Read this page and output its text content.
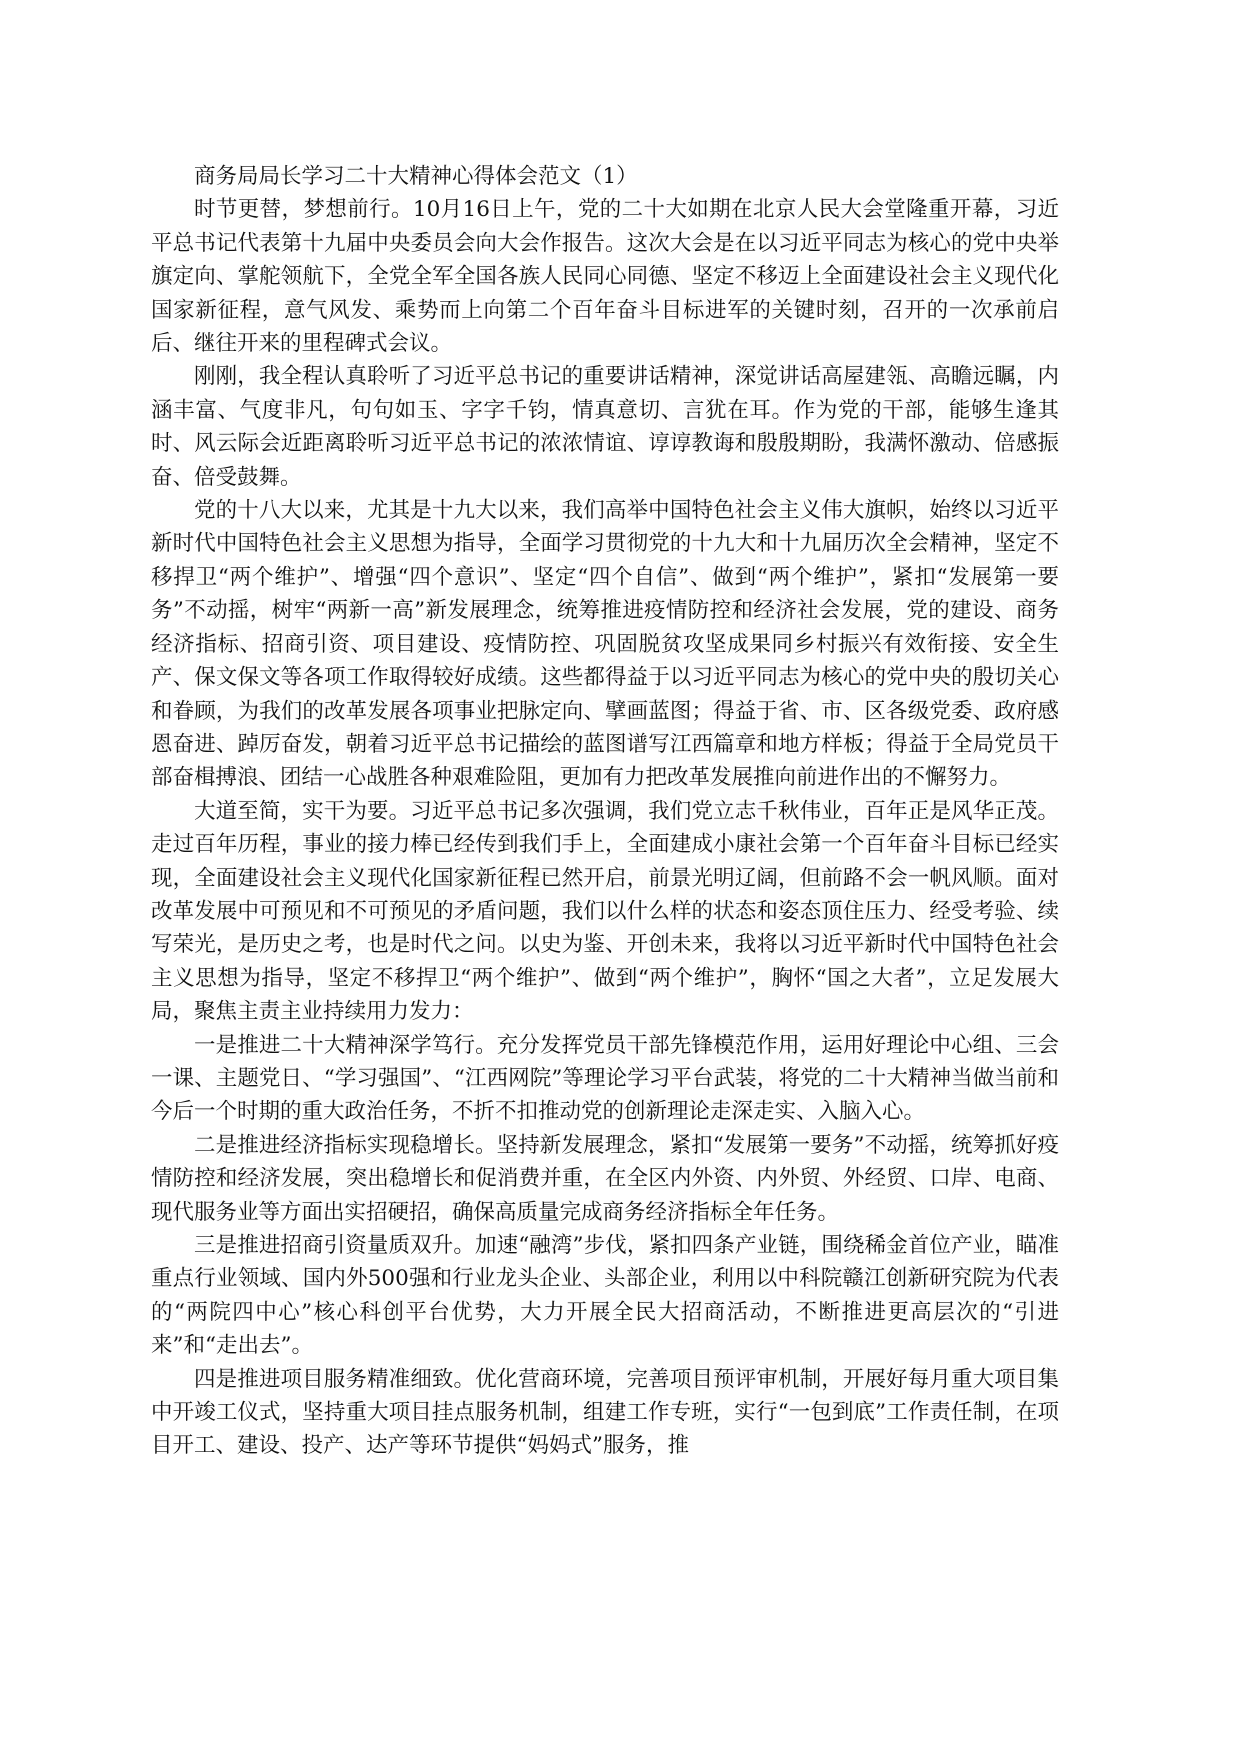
商务局局长学习二十大精神心得体会范文（1）

时节更替，梦想前行。10月16日上午，党的二十大如期在北京人民大会堂隆重开幕，习近平总书记代表第十九届中央委员会向大会作报告。这次大会是在以习近平同志为核心的党中央举旗定向、掌舵领航下，全党全军全国各族人民同心同德、坚定不移迈上全面建设社会主义现代化国家新征程，意气风发、乘势而上向第二个百年奋斗目标进军的关键时刻，召开的一次承前启后、继往开来的里程碑式会议。

刚刚，我全程认真聆听了习近平总书记的重要讲话精神，深觉讲话高屋建瓴、高瞻远瞩，内涵丰富、气度非凡，句句如玉、字字千钧，情真意切、言犹在耳。作为党的干部，能够生逢其时、风云际会近距离聆听习近平总书记的浓浓情谊、谆谆教诲和殷殷期盼，我满怀激动、倍感振奋、倍受鼓舞。

党的十八大以来，尤其是十九大以来，我们高举中国特色社会主义伟大旗帜，始终以习近平新时代中国特色社会主义思想为指导，全面学习贯彻党的十九大和十九届历次全会精神，坚定不移捍卫“两个维护”、增强“四个意识”、坚定“四个自信”、做到“两个维护”，紧扣“发展第一要务”不动摇，树牢“两新一高”新发展理念，统筹推进疫情防控和经济社会发展，党的建设、商务经济指标、招商引资、项目建设、疫情防控、巩固脱贫攻坚成果同乡村振兴有效衔接、安全生产、保文保文等各项工作取得较好成绩。这些都得益于以习近平同志为核心的党中央的殷切关心和眷顾，为我们的改革发展各项事业把脉定向、擘画蓝图；得益于省、市、区各级党委、政府感恩奋进、踔厉奋发，朝着习近平总书记描绘的蓝图谱写江西篇章和地方样板；得益于全局党员干部奋楫搏浪、团结一心战胜各种艰难险阻，更加有力把改革发展推向前进作出的不懈努力。

大道至简，实干为要。习近平总书记多次强调，我们党立志千秋伟业，百年正是风华正茂。走过百年历程，事业的接力棒已经传到我们手上，全面建成小康社会第一个百年奋斗目标已经实现，全面建设社会主义现代化国家新征程已然开启，前景光明辽阔，但前路不会一帆风顺。面对改革发展中可预见和不可预见的矛盾问题，我们以什么样的状态和姿态顶住压力、经受考验、续写荣光，是历史之考，也是时代之问。以史为鉴、开创未来，我将以习近平新时代中国特色社会主义思想为指导，坚定不移捍卫“两个维护”、做到“两个维护”，胸怀“国之大者”，立足发展大局，聚焦主责主业持续用力发力：

一是推进二十大精神深学笃行。充分发挥党员干部先锋模范作用，运用好理论中心组、三会一课、主题党日、“学习强国”、“江西网院”等理论学习平台武装，将党的二十大精神当做当前和今后一个时期的重大政治任务，不折不扣推动党的创新理论走深走实、入脑入心。

二是推进经济指标实现稳增长。坚持新发展理念，紧扣“发展第一要务”不动摇，统筹抓好疫情防控和经济发展，突出稳增长和促消费并重，在全区内外资、内外贸、外经贸、口岸、电商、现代服务业等方面出实招硬招，确保高质量完成商务经济指标全年任务。

三是推进招商引资量质双升。加速“融湾”步伐，紧扣四条产业链，围绕稀金首位产业，瞄准重点行业领域、国内外500强和行业龙头企业、头部企业，利用以中科院赣江创新研究院为代表的“两院四中心”核心科创平台优势，大力开展全民大招商活动，不断推进更高层次的“引进来”和“走出去”。

四是推进项目服务精准细致。优化营商环境，完善项目预评审机制，开展好每月重大项目集中开竣工仪式，坚持重大项目挂点服务机制，组建工作专班，实行“一包到底”工作责任制，在项目开工、建设、投产、达产等环节提供“妈妈式”服务，推
